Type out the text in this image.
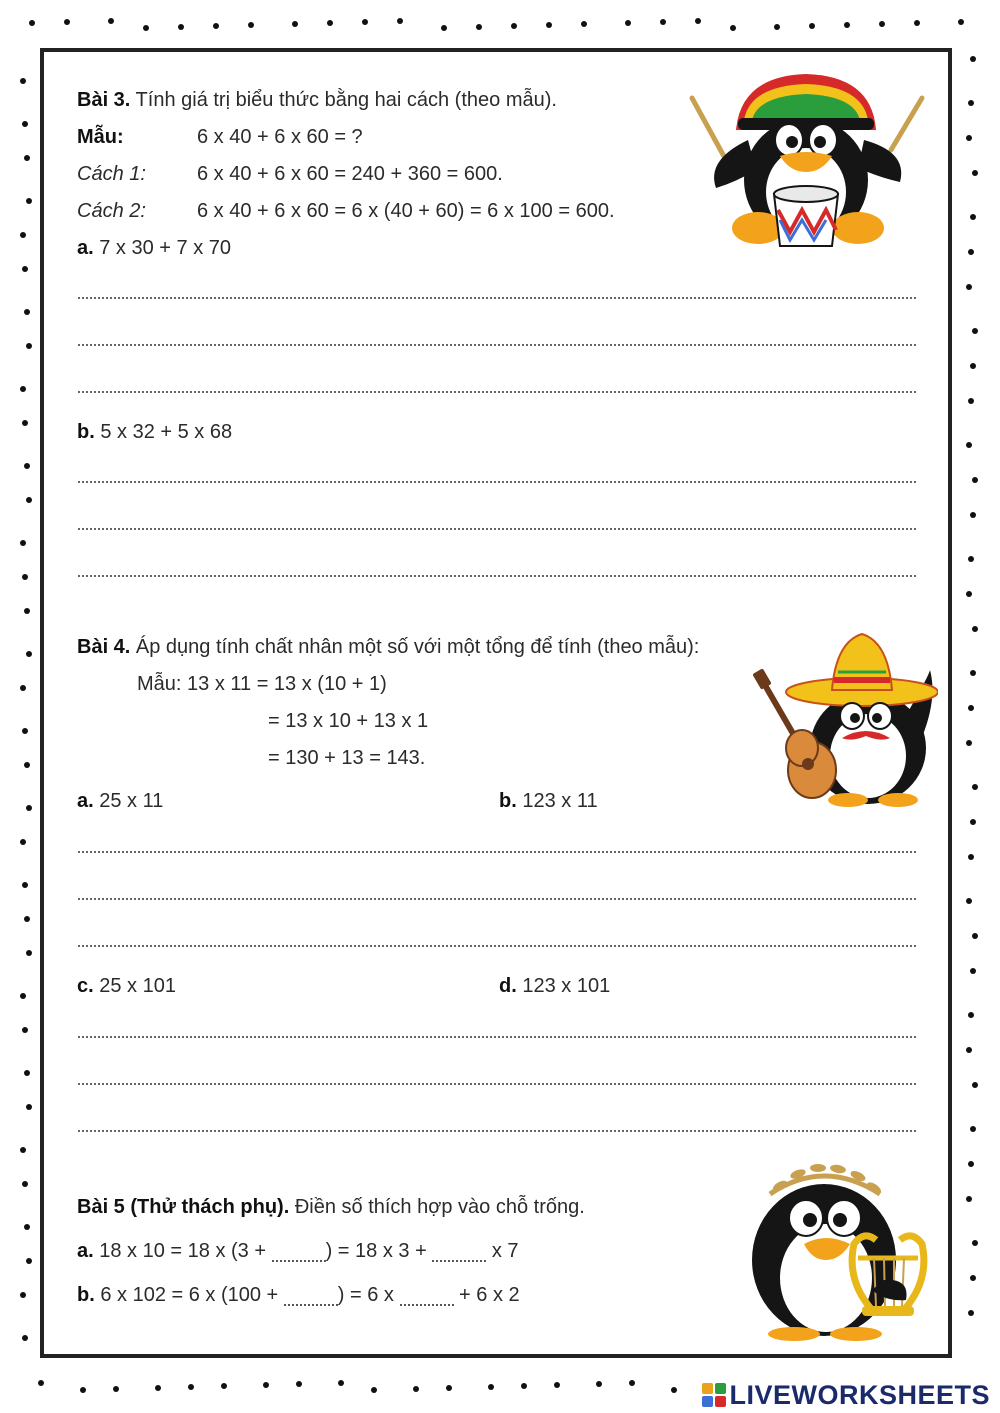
Bài 3. Tính giá trị biểu thức bằng hai cách (theo mẫu).
Mẫu:	6 x 40 + 6 x 60 = ?
Cách 1:	6 x 40 + 6 x 60 = 240 + 360 = 600.
Cách 2:	6 x 40 + 6 x 60 = 6 x (40 + 60) = 6 x 100 = 600.
a. 7 x 30 + 7 x 70
b. 5 x 32 + 5 x 68
Bài 4. Áp dụng tính chất nhân một số với một tổng để tính (theo mẫu):
Mẫu: 13 x 11 = 13 x (10 + 1)
= 13 x 10 + 13 x 1
= 130 + 13 = 143.
a. 25 x 11	b. 123 x 11
c. 25 x 101	d. 123 x 101
Bài 5 (Thử thách phụ). Điền số thích hợp vào chỗ trống.
a. 18 x 10 = 18 x (3 +	) = 18 x 3 +	x 7
b. 6 x 102 = 6 x (100 +	) = 6 x	+ 6 x 2
LIVEWORKSHEETS
